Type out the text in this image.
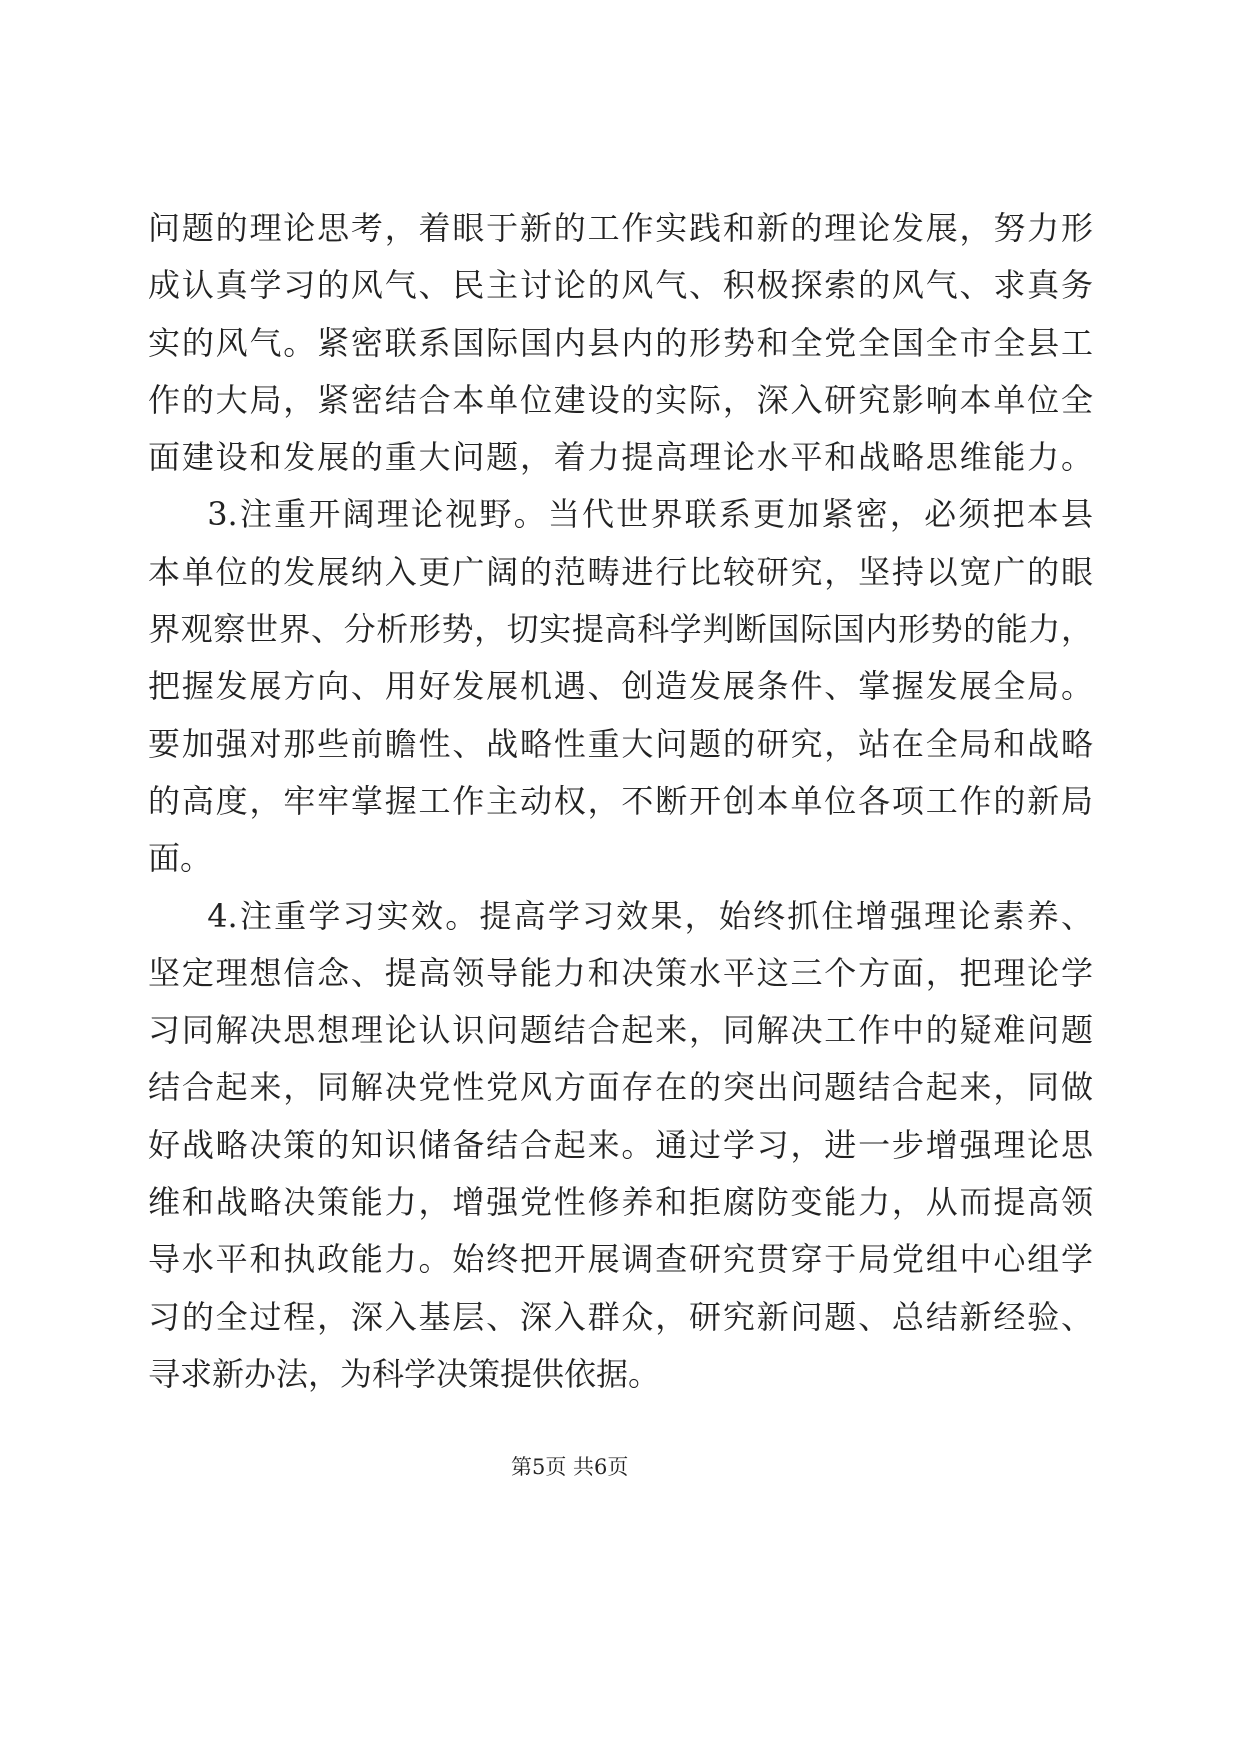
问题的理论思考，着眼于新的工作实践和新的理论发展，努力形
成认真学习的风气、民主讨论的风气、积极探索的风气、求真务
实的风气。紧密联系国际国内县内的形势和全党全国全市全县工
作的大局，紧密结合本单位建设的实际，深入研究影响本单位全
面建设和发展的重大问题，着力提高理论水平和战略思维能力。
3.注重开阔理论视野。当代世界联系更加紧密，必须把本县
本单位的发展纳入更广阔的范畴进行比较研究，坚持以宽广的眼
界观察世界、分析形势，切实提高科学判断国际国内形势的能力，
把握发展方向、用好发展机遇、创造发展条件、掌握发展全局。
要加强对那些前瞻性、战略性重大问题的研究，站在全局和战略
的高度，牢牢掌握工作主动权，不断开创本单位各项工作的新局
面。
4.注重学习实效。提高学习效果，始终抓住增强理论素养、
坚定理想信念、提高领导能力和决策水平这三个方面，把理论学
习同解决思想理论认识问题结合起来，同解决工作中的疑难问题
结合起来，同解决党性党风方面存在的突出问题结合起来，同做
好战略决策的知识储备结合起来。通过学习，进一步增强理论思
维和战略决策能力，增强党性修养和拒腐防变能力，从而提高领
导水平和执政能力。始终把开展调查研究贯穿于局党组中心组学
习的全过程，深入基层、深入群众，研究新问题、总结新经验、
寻求新办法，为科学决策提供依据。
第5页 共6页
